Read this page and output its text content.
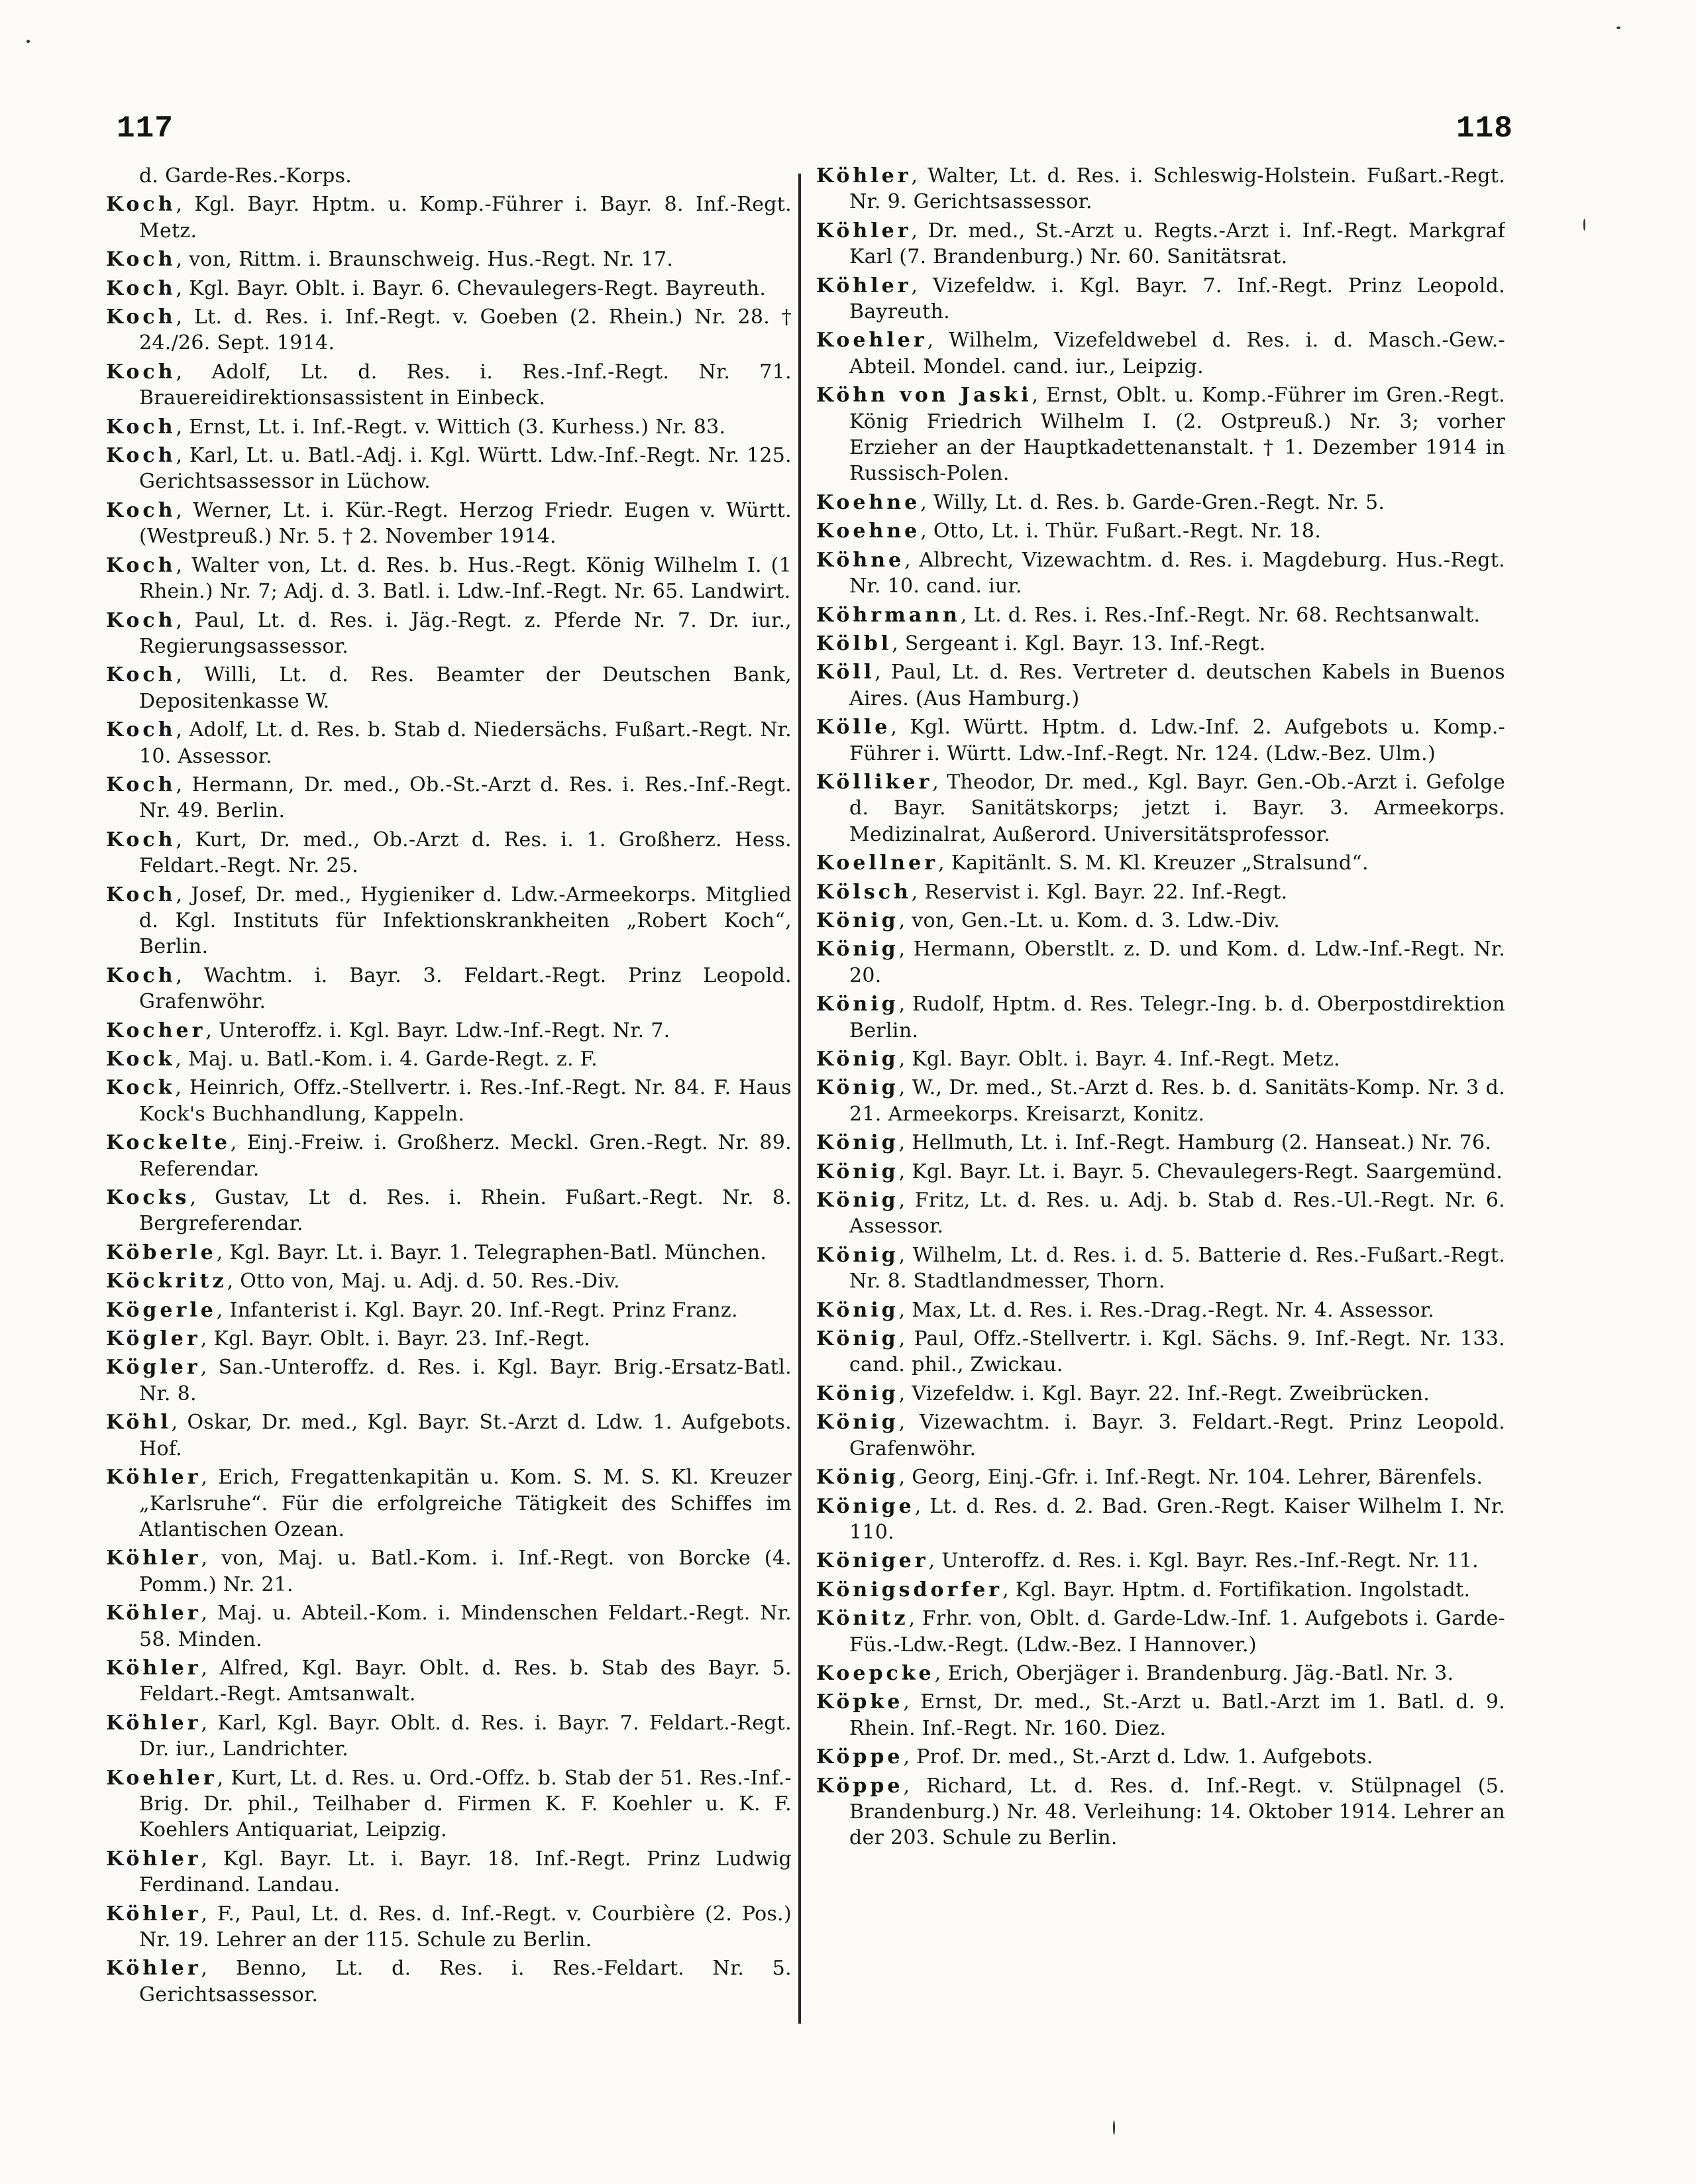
117	118

d. Garde-Res.-Korps.

Koch, Kgl. Bayr. Hptm. u. Komp.-Führer i. Bayr. 8. Inf.-Regt. Metz.

Koch, von, Rittm. i. Braunschweig. Hus.-Regt. Nr. 17.

Koch, Kgl. Bayr. Oblt. i. Bayr. 6. Chevaulegers-Regt. Bayreuth.

Koch, Lt. d. Res. i. Inf.-Regt. v. Goeben (2. Rhein.) Nr. 28. † 24./26. Sept. 1914.

Koch, Adolf, Lt. d. Res. i. Res.-Inf.-Regt. Nr. 71. Brauereidirektionsassistent in Einbeck.

Koch, Ernst, Lt. i. Inf.-Regt. v. Wittich (3. Kurhess.) Nr. 83.

Koch, Karl, Lt. u. Batl.-Adj. i. Kgl. Württ. Ldw.-Inf.-Regt. Nr. 125. Gerichtsassessor in Lüchow.

Koch, Werner, Lt. i. Kür.-Regt. Herzog Friedr. Eugen v. Württ. (Westpreuß.) Nr. 5. † 2. November 1914.

Koch, Walter von, Lt. d. Res. b. Hus.-Regt. König Wilhelm I. (1 Rhein.) Nr. 7; Adj. d. 3. Batl. i. Ldw.-Inf.-Regt. Nr. 65. Landwirt.

Koch, Paul, Lt. d. Res. i. Jäg.-Regt. z. Pferde Nr. 7. Dr. iur., Regierungsassessor.

Koch, Willi, Lt. d. Res. Beamter der Deutschen Bank, Depositenkasse W.

Koch, Adolf, Lt. d. Res. b. Stab d. Niedersächs. Fußart.-Regt. Nr. 10. Assessor.

Koch, Hermann, Dr. med., Ob.-St.-Arzt d. Res. i. Res.-Inf.-Regt. Nr. 49. Berlin.

Koch, Kurt, Dr. med., Ob.-Arzt d. Res. i. 1. Großherz. Hess. Feldart.-Regt. Nr. 25.

Koch, Josef, Dr. med., Hygieniker d. Ldw.-Armeekorps. Mitglied d. Kgl. Instituts für Infektionskrankheiten „Robert Koch“, Berlin.

Koch, Wachtm. i. Bayr. 3. Feldart.-Regt. Prinz Leopold. Grafenwöhr.

Kocher, Unteroffz. i. Kgl. Bayr. Ldw.-Inf.-Regt. Nr. 7.

Kock, Maj. u. Batl.-Kom. i. 4. Garde-Regt. z. F.

Kock, Heinrich, Offz.-Stellvertr. i. Res.-Inf.-Regt. Nr. 84. F. Haus Kock's Buchhandlung, Kappeln.

Kockelte, Einj.-Freiw. i. Großherz. Meckl. Gren.-Regt. Nr. 89. Referendar.

Kocks, Gustav, Lt d. Res. i. Rhein. Fußart.-Regt. Nr. 8. Bergreferendar.

Köberle, Kgl. Bayr. Lt. i. Bayr. 1. Telegraphen-Batl. München.

Köckritz, Otto von, Maj. u. Adj. d. 50. Res.-Div.

Kögerle, Infanterist i. Kgl. Bayr. 20. Inf.-Regt. Prinz Franz.

Kögler, Kgl. Bayr. Oblt. i. Bayr. 23. Inf.-Regt.

Kögler, San.-Unteroffz. d. Res. i. Kgl. Bayr. Brig.-Ersatz-Batl. Nr. 8.

Köhl, Oskar, Dr. med., Kgl. Bayr. St.-Arzt d. Ldw. 1. Aufgebots. Hof.

Köhler, Erich, Fregattenkapitän u. Kom. S. M. S. Kl. Kreuzer „Karlsruhe“. Für die erfolgreiche Tätigkeit des Schiffes im Atlantischen Ozean.

Köhler, von, Maj. u. Batl.-Kom. i. Inf.-Regt. von Borcke (4. Pomm.) Nr. 21.

Köhler, Maj. u. Abteil.-Kom. i. Mindenschen Feldart.-Regt. Nr. 58. Minden.

Köhler, Alfred, Kgl. Bayr. Oblt. d. Res. b. Stab des Bayr. 5. Feldart.-Regt. Amtsanwalt.

Köhler, Karl, Kgl. Bayr. Oblt. d. Res. i. Bayr. 7. Feldart.-Regt. Dr. iur., Landrichter.

Koehler, Kurt, Lt. d. Res. u. Ord.-Offz. b. Stab der 51. Res.-Inf.-Brig. Dr. phil., Teilhaber d. Firmen K. F. Koehler u. K. F. Koehlers Antiquariat, Leipzig.

Köhler, Kgl. Bayr. Lt. i. Bayr. 18. Inf.-Regt. Prinz Ludwig Ferdinand. Landau.

Köhler, F., Paul, Lt. d. Res. d. Inf.-Regt. v. Courbière (2. Pos.) Nr. 19. Lehrer an der 115. Schule zu Berlin.

Köhler, Benno, Lt. d. Res. i. Res.-Feldart. Nr. 5. Gerichtsassessor.

Köhler, Walter, Lt. d. Res. i. Schleswig-Holstein. Fußart.-Regt. Nr. 9. Gerichtsassessor.

Köhler, Dr. med., St.-Arzt u. Regts.-Arzt i. Inf.-Regt. Markgraf Karl (7. Brandenburg.) Nr. 60. Sanitätsrat.

Köhler, Vizefeldw. i. Kgl. Bayr. 7. Inf.-Regt. Prinz Leopold. Bayreuth.

Koehler, Wilhelm, Vizefeldwebel d. Res. i. d. Masch.-Gew.-Abteil. Mondel. cand. iur., Leipzig.

Köhn von Jaski, Ernst, Oblt. u. Komp.-Führer im Gren.-Regt. König Friedrich Wilhelm I. (2. Ostpreuß.) Nr. 3; vorher Erzieher an der Hauptkadettenanstalt. † 1. Dezember 1914 in Russisch-Polen.

Koehne, Willy, Lt. d. Res. b. Garde-Gren.-Regt. Nr. 5.

Koehne, Otto, Lt. i. Thür. Fußart.-Regt. Nr. 18.

Köhne, Albrecht, Vizewachtm. d. Res. i. Magdeburg. Hus.-Regt. Nr. 10. cand. iur.

Köhrmann, Lt. d. Res. i. Res.-Inf.-Regt. Nr. 68. Rechtsanwalt.

Kölbl, Sergeant i. Kgl. Bayr. 13. Inf.-Regt.

Köll, Paul, Lt. d. Res. Vertreter d. deutschen Kabels in Buenos Aires. (Aus Hamburg.)

Kölle, Kgl. Württ. Hptm. d. Ldw.-Inf. 2. Aufgebots u. Komp.-Führer i. Württ. Ldw.-Inf.-Regt. Nr. 124. (Ldw.-Bez. Ulm.)

Kölliker, Theodor, Dr. med., Kgl. Bayr. Gen.-Ob.-Arzt i. Gefolge d. Bayr. Sanitätskorps; jetzt i. Bayr. 3. Armeekorps. Medizinalrat, Außerord. Universitätsprofessor.

Koellner, Kapitänlt. S. M. Kl. Kreuzer „Stralsund“.

Kölsch, Reservist i. Kgl. Bayr. 22. Inf.-Regt.

König, von, Gen.-Lt. u. Kom. d. 3. Ldw.-Div.

König, Hermann, Oberstlt. z. D. und Kom. d. Ldw.-Inf.-Regt. Nr. 20.

König, Rudolf, Hptm. d. Res. Telegr.-Ing. b. d. Oberpostdirektion Berlin.

König, Kgl. Bayr. Oblt. i. Bayr. 4. Inf.-Regt. Metz.

König, W., Dr. med., St.-Arzt d. Res. b. d. Sanitäts-Komp. Nr. 3 d. 21. Armeekorps. Kreisarzt, Konitz.

König, Hellmuth, Lt. i. Inf.-Regt. Hamburg (2. Hanseat.) Nr. 76.

König, Kgl. Bayr. Lt. i. Bayr. 5. Chevaulegers-Regt. Saargemünd.

König, Fritz, Lt. d. Res. u. Adj. b. Stab d. Res.-Ul.-Regt. Nr. 6. Assessor.

König, Wilhelm, Lt. d. Res. i. d. 5. Batterie d. Res.-Fußart.-Regt. Nr. 8. Stadtlandmesser, Thorn.

König, Max, Lt. d. Res. i. Res.-Drag.-Regt. Nr. 4. Assessor.

König, Paul, Offz.-Stellvertr. i. Kgl. Sächs. 9. Inf.-Regt. Nr. 133. cand. phil., Zwickau.

König, Vizefeldw. i. Kgl. Bayr. 22. Inf.-Regt. Zweibrücken.

König, Vizewachtm. i. Bayr. 3. Feldart.-Regt. Prinz Leopold. Grafenwöhr.

König, Georg, Einj.-Gfr. i. Inf.-Regt. Nr. 104. Lehrer, Bärenfels.

Könige, Lt. d. Res. d. 2. Bad. Gren.-Regt. Kaiser Wilhelm I. Nr. 110.

Königer, Unteroffz. d. Res. i. Kgl. Bayr. Res.-Inf.-Regt. Nr. 11.

Königsdorfer, Kgl. Bayr. Hptm. d. Fortifikation. Ingolstadt.

Könitz, Frhr. von, Oblt. d. Garde-Ldw.-Inf. 1. Aufgebots i. Garde-Füs.-Ldw.-Regt. (Ldw.-Bez. I Hannover.)

Koepcke, Erich, Oberjäger i. Brandenburg. Jäg.-Batl. Nr. 3.

Köpke, Ernst, Dr. med., St.-Arzt u. Batl.-Arzt im 1. Batl. d. 9. Rhein. Inf.-Regt. Nr. 160. Diez.

Köppe, Prof. Dr. med., St.-Arzt d. Ldw. 1. Aufgebots.

Köppe, Richard, Lt. d. Res. d. Inf.-Regt. v. Stülpnagel (5. Brandenburg.) Nr. 48. Verleihung: 14. Oktober 1914. Lehrer an der 203. Schule zu Berlin.
